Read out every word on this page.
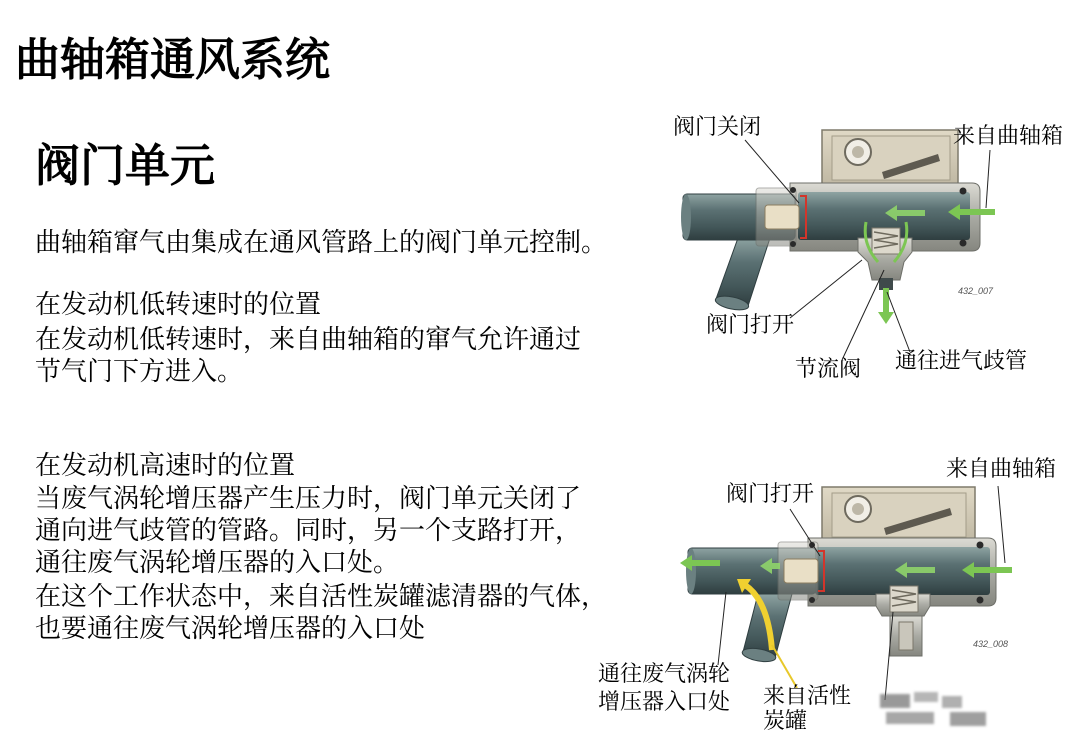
曲轴箱通风系统
阀门单元
曲轴箱窜气由集成在通风管路上的阀门单元控制。
在发动机低转速时的位置
在发动机低转速时，来自曲轴箱的窜气允许通过
节气门下方进入。
在发动机高速时的位置
当废气涡轮增压器产生压力时，阀门单元关闭了
通向进气歧管的管路。同时，另一个支路打开，
通往废气涡轮增压器的入口处。
在这个工作状态中，来自活性炭罐滤清器的气体，
也要通往废气涡轮增压器的入口处
阀门关闭	来自曲轴箱
阀门打开
节流阀 通往进气歧管
432_007
来自曲轴箱
阀门打开
432_008
通往废气涡轮
增压器入口处 来自活性
炭罐
